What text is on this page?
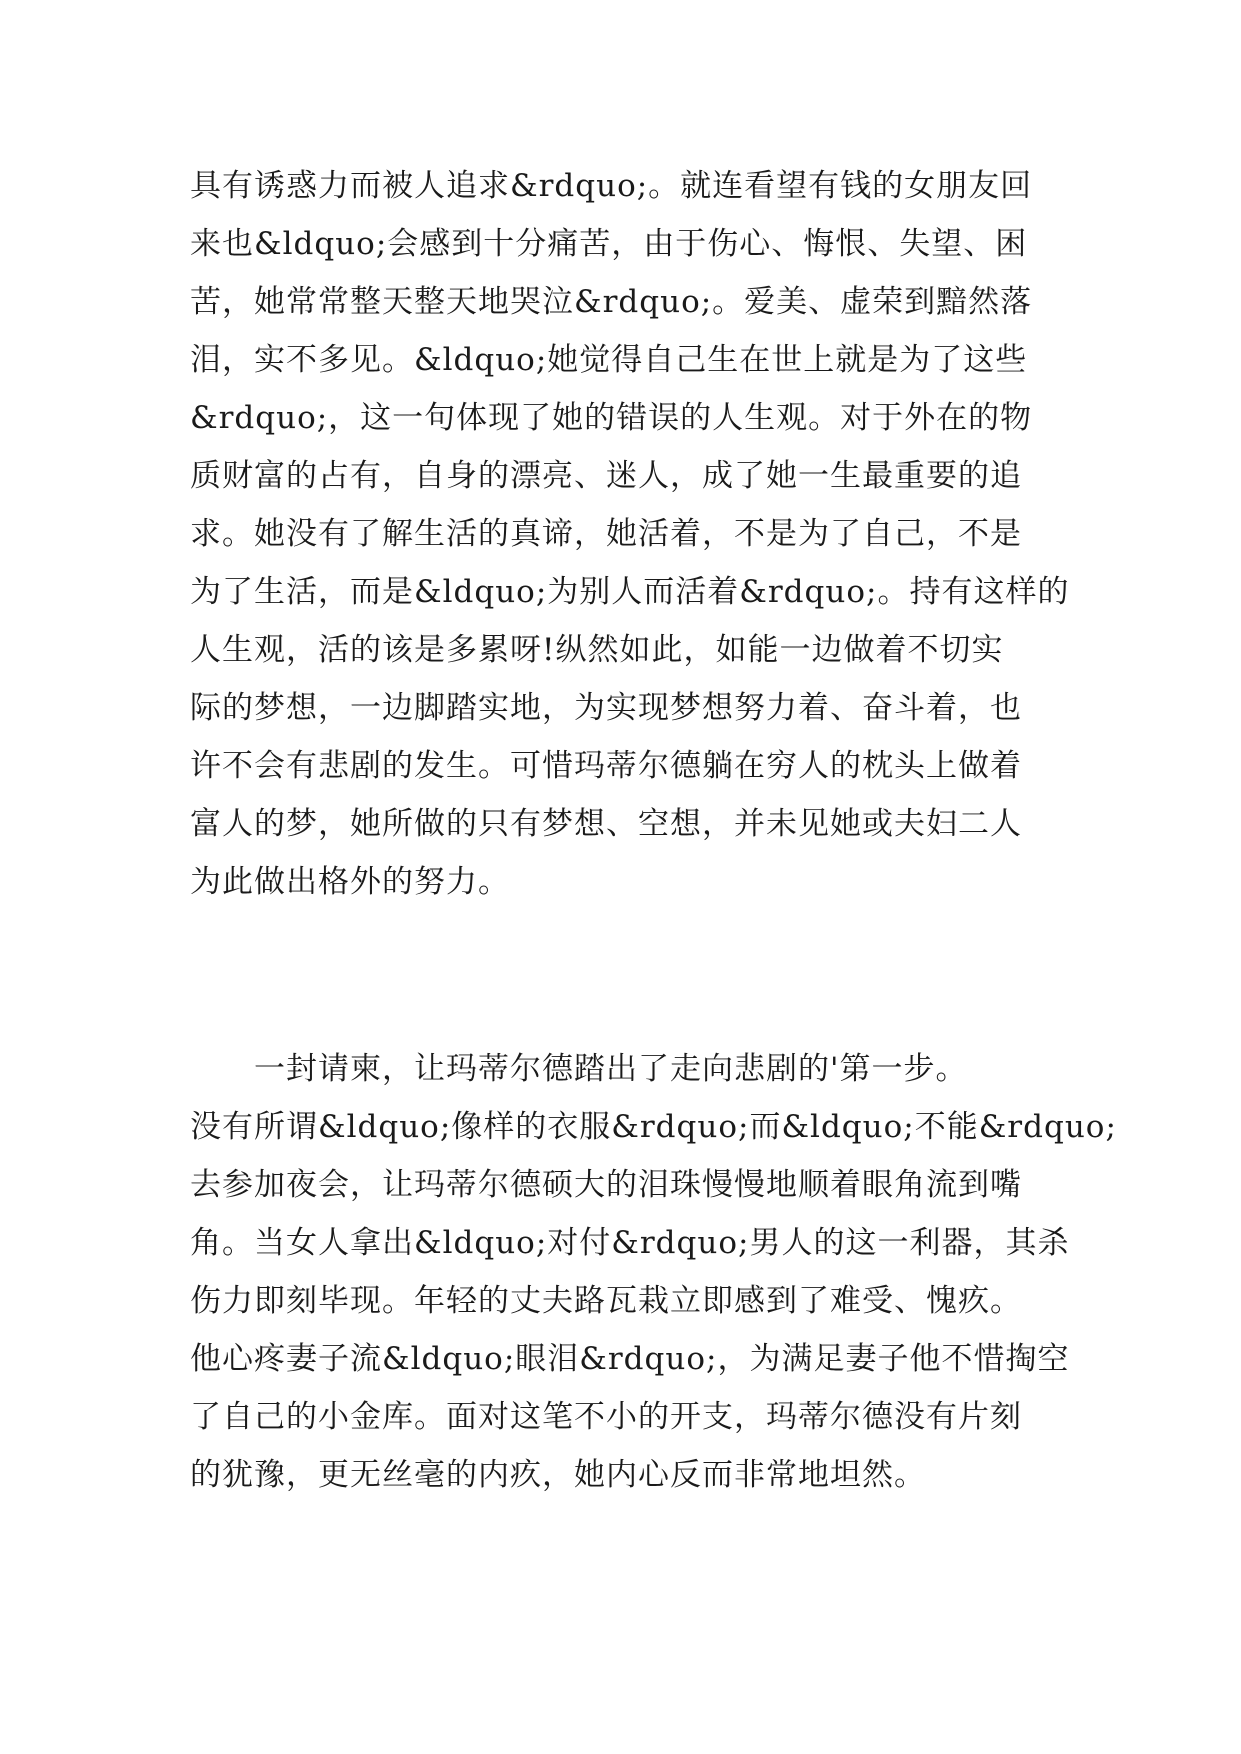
具有诱惑力而被人追求&rdquo;。就连看望有钱的女朋友回
来也&ldquo;会感到十分痛苦，由于伤心、悔恨、失望、困
苦，她常常整天整天地哭泣&rdquo;。爱美、虚荣到黯然落
泪，实不多见。&ldquo;她觉得自己生在世上就是为了这些
&rdquo;，这一句体现了她的错误的人生观。对于外在的物
质财富的占有，自身的漂亮、迷人，成了她一生最重要的追
求。她没有了解生活的真谛，她活着，不是为了自己，不是
为了生活，而是&ldquo;为别人而活着&rdquo;。持有这样的
人生观，活的该是多累呀!纵然如此，如能一边做着不切实
际的梦想，一边脚踏实地，为实现梦想努力着、奋斗着，也
许不会有悲剧的发生。可惜玛蒂尔德躺在穷人的枕头上做着
富人的梦，她所做的只有梦想、空想，并未见她或夫妇二人
为此做出格外的努力。
　　一封请柬，让玛蒂尔德踏出了走向悲剧的'第一步。
没有所谓&ldquo;像样的衣服&rdquo;而&ldquo;不能&rdquo;
去参加夜会，让玛蒂尔德硕大的泪珠慢慢地顺着眼角流到嘴
角。当女人拿出&ldquo;对付&rdquo;男人的这一利器，其杀
伤力即刻毕现。年轻的丈夫路瓦栽立即感到了难受、愧疚。
他心疼妻子流&ldquo;眼泪&rdquo;，为满足妻子他不惜掏空
了自己的小金库。面对这笔不小的开支，玛蒂尔德没有片刻
的犹豫，更无丝毫的内疚，她内心反而非常地坦然。
